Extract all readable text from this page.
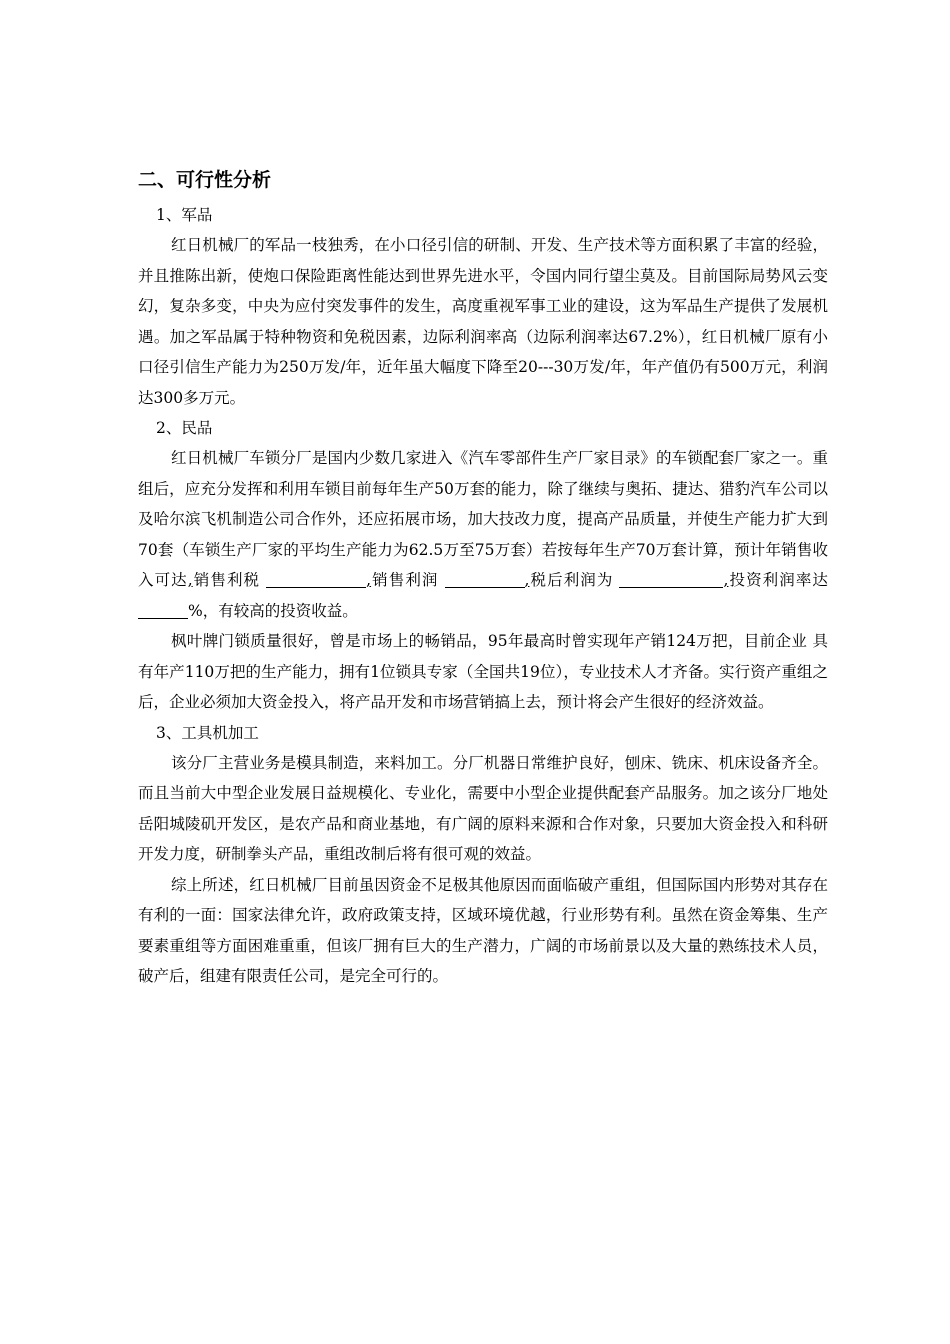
二、可行性分析

1、军品

红日机械厂的军品一枝独秀，在小口径引信的研制、开发、生产技术等方面积累了丰富的经验，并且推陈出新，使炮口保险距离性能达到世界先进水平，令国内同行望尘莫及。目前国际局势风云变幻，复杂多变，中央为应付突发事件的发生，高度重视军事工业的建设，这为军品生产提供了发展机遇。加之军品属于特种物资和免税因素，边际利润率高（边际利润率达67.2%），红日机械厂原有小口径引信生产能力为250万发/年，近年虽大幅度下降至20---30万发/年，年产值仍有500万元，利润达300多万元。

2、民品

红日机械厂车锁分厂是国内少数几家进入《汽车零部件生产厂家目录》的车锁配套厂家之一。重组后，应充分发挥和利用车锁目前每年生产50万套的能力，除了继续与奥拓、捷达、猎豹汽车公司以及哈尔滨飞机制造公司合作外，还应拓展市场，加大技改力度，提高产品质量，并使生产能力扩大到70套（车锁生产厂家的平均生产能力为62.5万至75万套）若按每年生产70万套计算，预计年销售收入可达,销售利税	,销售利润	,税后利润为	,投资利润率达%，有较高的投资收益。

枫叶牌门锁质量很好，曾是市场上的畅销品，95年最高时曾实现年产销124万把，目前企业 具有年产110万把的生产能力，拥有1位锁具专家（全国共19位），专业技术人才齐备。实行资产重组之后，企业必须加大资金投入，将产品开发和市场营销搞上去，预计将会产生很好的经济效益。

3、工具机加工

该分厂主营业务是模具制造，来料加工。分厂机器日常维护良好，刨床、铣床、机床设备齐全。而且当前大中型企业发展日益规模化、专业化，需要中小型企业提供配套产品服务。加之该分厂地处岳阳城陵矶开发区，是农产品和商业基地，有广阔的原料来源和合作对象，只要加大资金投入和科研开发力度，研制拳头产品，重组改制后将有很可观的效益。

综上所述，红日机械厂目前虽因资金不足极其他原因而面临破产重组，但国际国内形势对其存在有利的一面：国家法律允许，政府政策支持，区域环境优越，行业形势有利。虽然在资金筹集、生产要素重组等方面困难重重，但该厂拥有巨大的生产潜力，广阔的市场前景以及大量的熟练技术人员，破产后，组建有限责任公司，是完全可行的。
